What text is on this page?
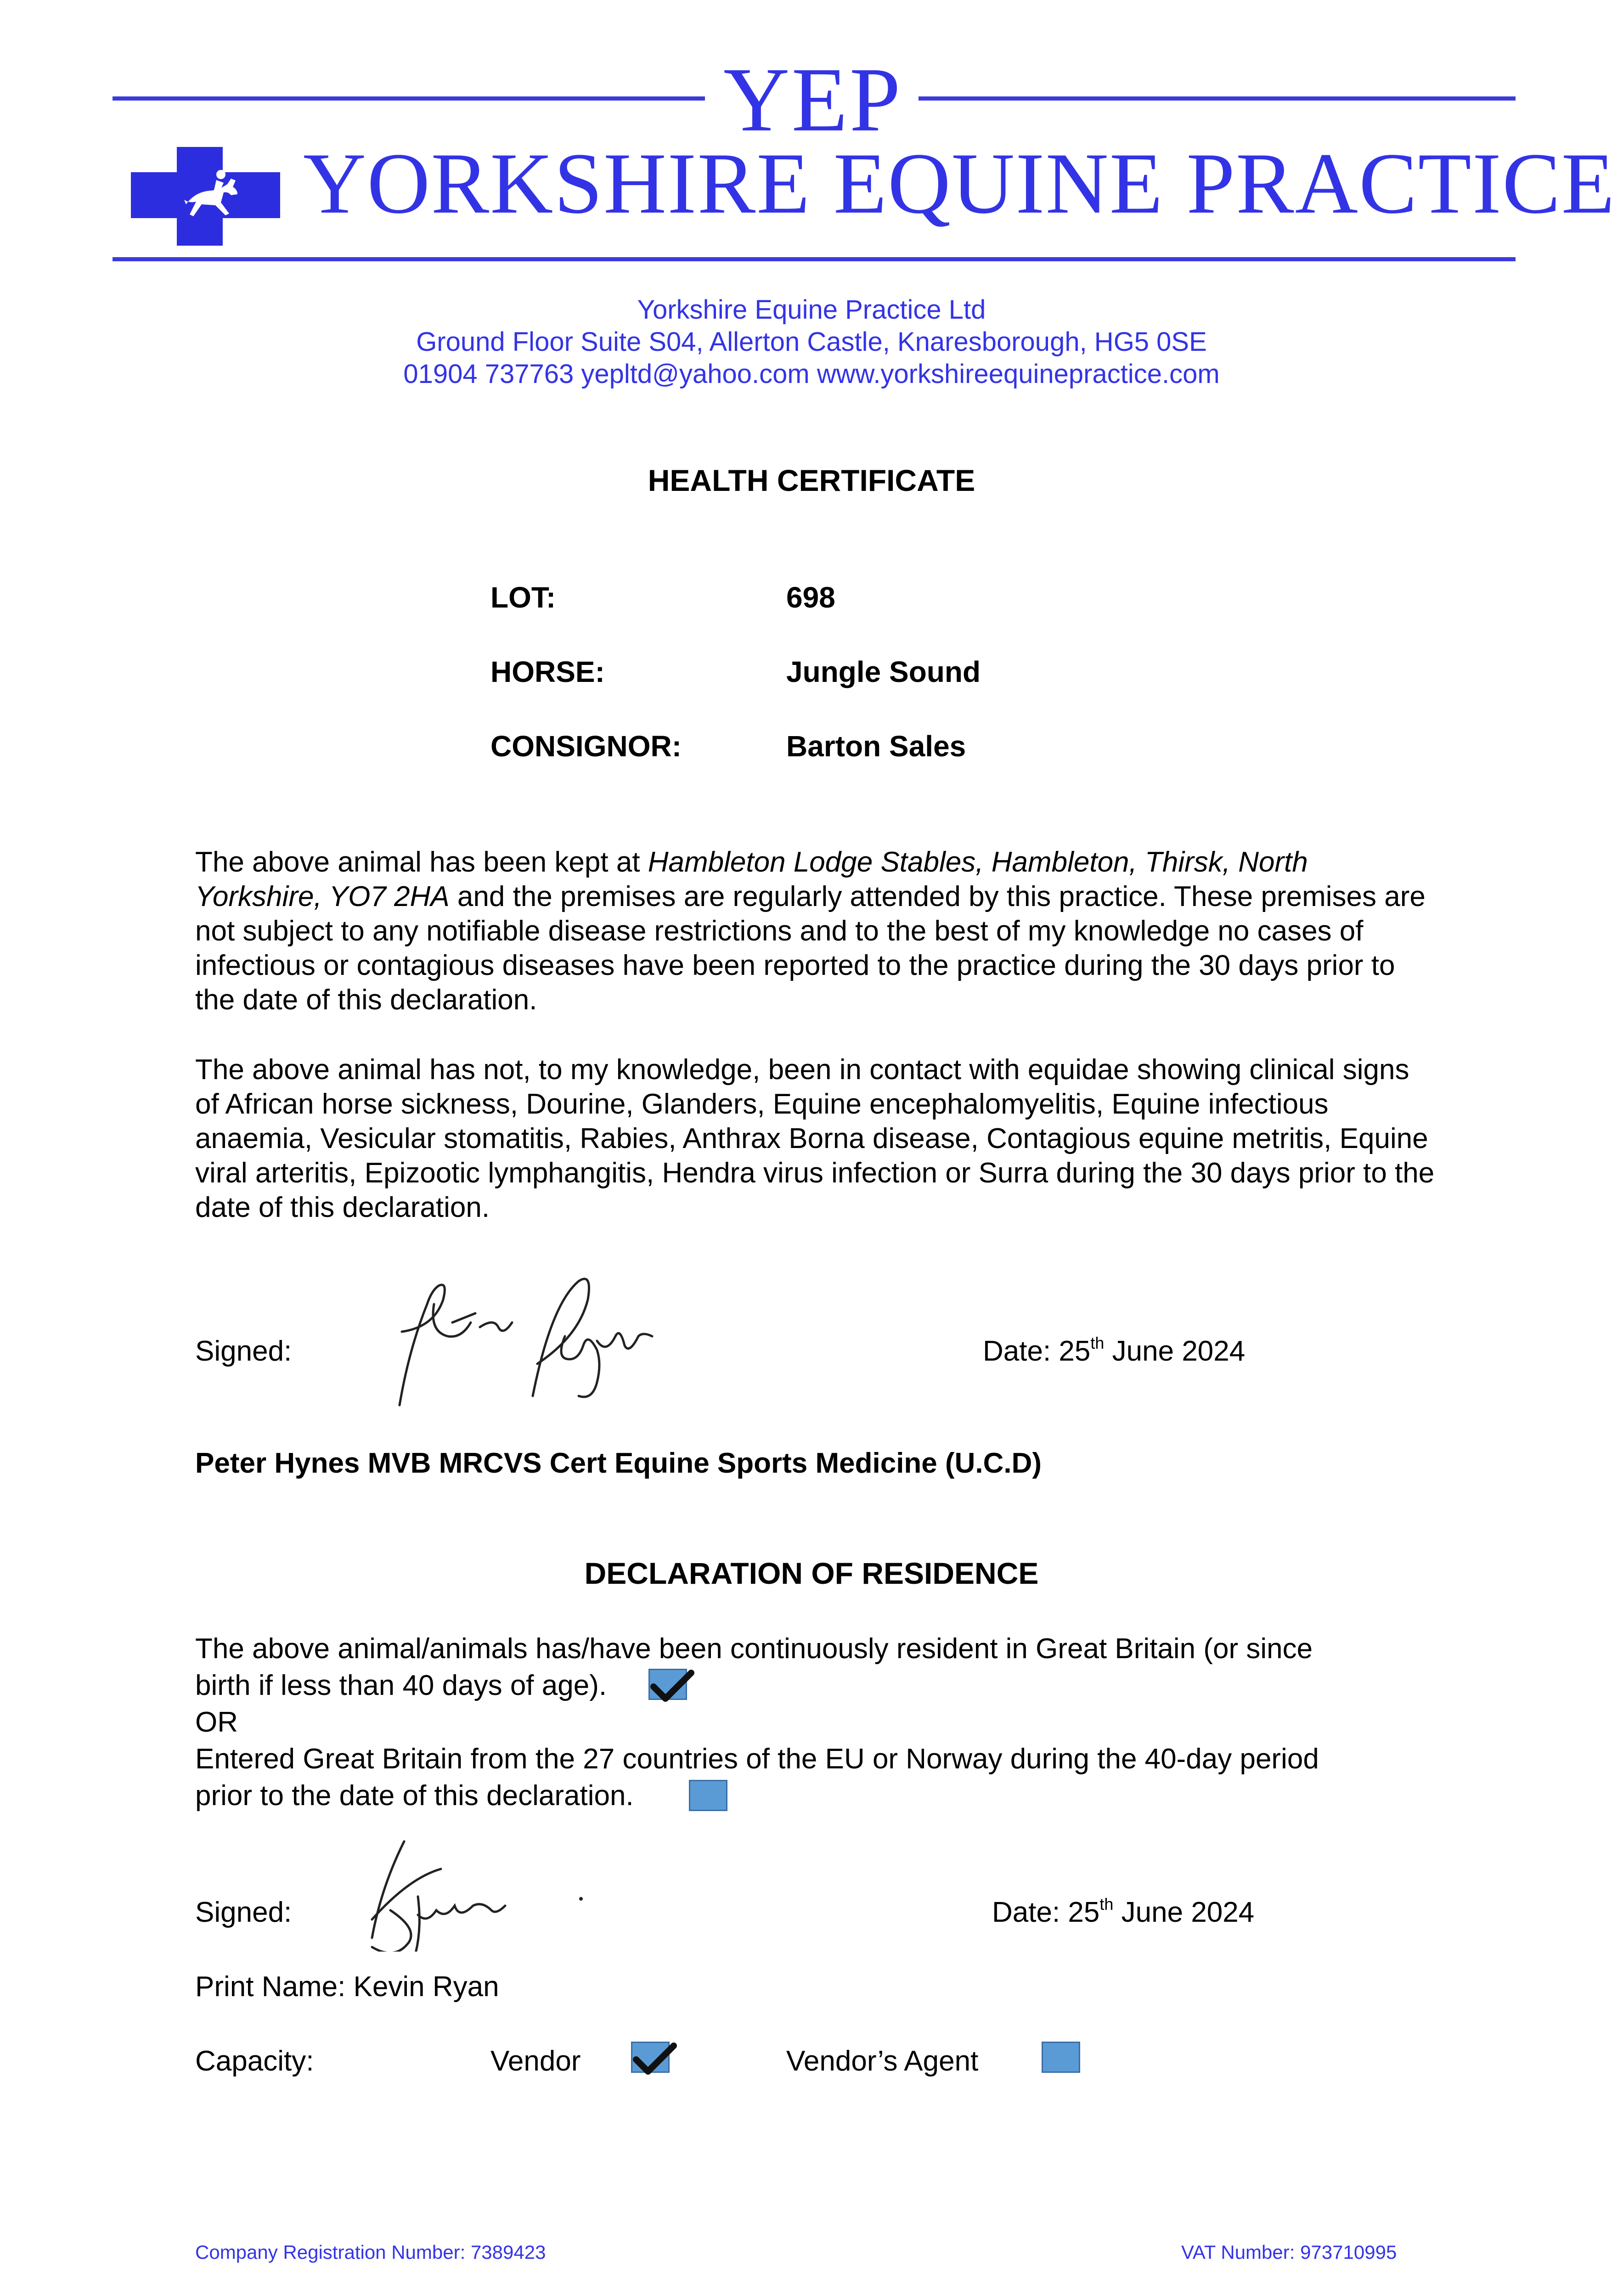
YEP
YORKSHIRE EQUINE PRACTICE
Yorkshire Equine Practice Ltd
Ground Floor Suite S04, Allerton Castle, Knaresborough, HG5 0SE
01904 737763 yepltd@yahoo.com www.yorkshireequinepractice.com
HEALTH CERTIFICATE
LOT:	698
HORSE:	Jungle Sound
CONSIGNOR:	Barton Sales

The above animal has been kept at Hambleton Lodge Stables, Hambleton, Thirsk, North Yorkshire, YO7 2HA and the premises are regularly attended by this practice. These premises are not subject to any notifiable disease restrictions and to the best of my knowledge no cases of infectious or contagious diseases have been reported to the practice during the 30 days prior to the date of this declaration.

The above animal has not, to my knowledge, been in contact with equidae showing clinical signs of African horse sickness, Dourine, Glanders, Equine encephalomyelitis, Equine infectious anaemia, Vesicular stomatitis, Rabies, Anthrax Borna disease, Contagious equine metritis, Equine viral arteritis, Epizootic lymphangitis, Hendra virus infection or Surra during the 30 days prior to the date of this declaration.

Signed:	Date: 25th June 2024
Peter Hynes MVB MRCVS Cert Equine Sports Medicine (U.C.D)
DECLARATION OF RESIDENCE
The above animal/animals has/have been continuously resident in Great Britain (or since
birth if less than 40 days of age).
OR
Entered Great Britain from the 27 countries of the EU or Norway during the 40-day period
prior to the date of this declaration.
Signed:	Date: 25th June 2024
Print Name: Kevin Ryan
Capacity:	Vendor	Vendor’s Agent
Company Registration Number: 7389423	VAT Number: 973710995
